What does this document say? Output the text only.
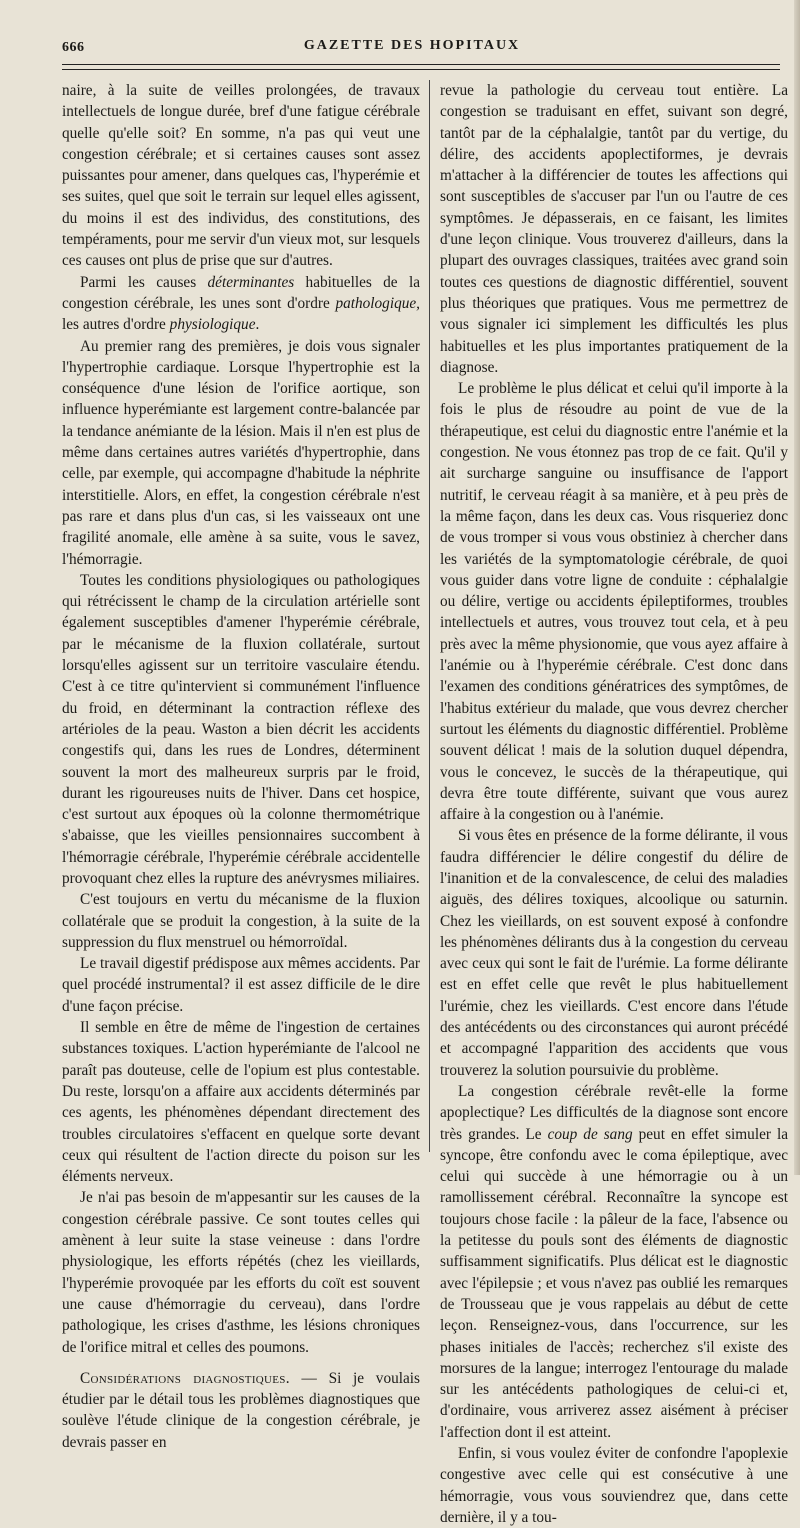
666	GAZETTE DES HOPITAUX

naire, à la suite de veilles prolongées, de travaux intellectuels de longue durée, bref d'une fatigue cérébrale quelle qu'elle soit? En somme, n'a pas qui veut une congestion cérébrale; et si certaines causes sont assez puissantes pour amener, dans quelques cas, l'hyperémie et ses suites, quel que soit le terrain sur lequel elles agissent, du moins il est des individus, des constitutions, des tempéraments, pour me servir d'un vieux mot, sur lesquels ces causes ont plus de prise que sur d'autres.

Parmi les causes déterminantes habituelles de la congestion cérébrale, les unes sont d'ordre pathologique, les autres d'ordre physiologique.

Au premier rang des premières, je dois vous signaler l'hypertrophie cardiaque. Lorsque l'hypertrophie est la conséquence d'une lésion de l'orifice aortique, son influence hyperémiante est largement contre-balancée par la tendance anémiante de la lésion. Mais il n'en est plus de même dans certaines autres variétés d'hypertrophie, dans celle, par exemple, qui accompagne d'habitude la néphrite interstitielle. Alors, en effet, la congestion cérébrale n'est pas rare et dans plus d'un cas, si les vaisseaux ont une fragilité anomale, elle amène à sa suite, vous le savez, l'hémorragie.

Toutes les conditions physiologiques ou pathologiques qui rétrécissent le champ de la circulation artérielle sont également susceptibles d'amener l'hyperémie cérébrale, par le mécanisme de la fluxion collatérale, surtout lorsqu'elles agissent sur un territoire vasculaire étendu. C'est à ce titre qu'intervient si communément l'influence du froid, en déterminant la contraction réflexe des artérioles de la peau. Waston a bien décrit les accidents congestifs qui, dans les rues de Londres, déterminent souvent la mort des malheureux surpris par le froid, durant les rigoureuses nuits de l'hiver. Dans cet hospice, c'est surtout aux époques où la colonne thermométrique s'abaisse, que les vieilles pensionnaires succombent à l'hémorragie cérébrale, l'hyperémie cérébrale accidentelle provoquant chez elles la rupture des anévrysmes miliaires.

C'est toujours en vertu du mécanisme de la fluxion collatérale que se produit la congestion, à la suite de la suppression du flux menstruel ou hémorroïdal.

Le travail digestif prédispose aux mêmes accidents. Par quel procédé instrumental? il est assez difficile de le dire d'une façon précise.

Il semble en être de même de l'ingestion de certaines substances toxiques. L'action hyperémiante de l'alcool ne paraît pas douteuse, celle de l'opium est plus contestable. Du reste, lorsqu'on a affaire aux accidents déterminés par ces agents, les phénomènes dépendant directement des troubles circulatoires s'effacent en quelque sorte devant ceux qui résultent de l'action directe du poison sur les éléments nerveux.

Je n'ai pas besoin de m'appesantir sur les causes de la congestion cérébrale passive. Ce sont toutes celles qui amènent à leur suite la stase veineuse : dans l'ordre physiologique, les efforts répétés (chez les vieillards, l'hyperémie provoquée par les efforts du coït est souvent une cause d'hémorragie du cerveau), dans l'ordre pathologique, les crises d'asthme, les lésions chroniques de l'orifice mitral et celles des poumons.

Considérations diagnostiques. — Si je voulais étudier par le détail tous les problèmes diagnostiques que soulève l'étude clinique de la congestion cérébrale, je devrais passer en

revue la pathologie du cerveau tout entière. La congestion se traduisant en effet, suivant son degré, tantôt par de la céphalalgie, tantôt par du vertige, du délire, des accidents apoplectiformes, je devrais m'attacher à la différencier de toutes les affections qui sont susceptibles de s'accuser par l'un ou l'autre de ces symptômes. Je dépasserais, en ce faisant, les limites d'une leçon clinique. Vous trouverez d'ailleurs, dans la plupart des ouvrages classiques, traitées avec grand soin toutes ces questions de diagnostic différentiel, souvent plus théoriques que pratiques. Vous me permettrez de vous signaler ici simplement les difficultés les plus habituelles et les plus importantes pratiquement de la diagnose.

Le problème le plus délicat et celui qu'il importe à la fois le plus de résoudre au point de vue de la thérapeutique, est celui du diagnostic entre l'anémie et la congestion. Ne vous étonnez pas trop de ce fait. Qu'il y ait surcharge sanguine ou insuffisance de l'apport nutritif, le cerveau réagit à sa manière, et à peu près de la même façon, dans les deux cas. Vous risqueriez donc de vous tromper si vous vous obstiniez à chercher dans les variétés de la symptomatologie cérébrale, de quoi vous guider dans votre ligne de conduite : céphalalgie ou délire, vertige ou accidents épileptiformes, troubles intellectuels et autres, vous trouvez tout cela, et à peu près avec la même physionomie, que vous ayez affaire à l'anémie ou à l'hyperémie cérébrale. C'est donc dans l'examen des conditions génératrices des symptômes, de l'habitus extérieur du malade, que vous devrez chercher surtout les éléments du diagnostic différentiel. Problème souvent délicat ! mais de la solution duquel dépendra, vous le concevez, le succès de la thérapeutique, qui devra être toute différente, suivant que vous aurez affaire à la congestion ou à l'anémie.

Si vous êtes en présence de la forme délirante, il vous faudra différencier le délire congestif du délire de l'inanition et de la convalescence, de celui des maladies aiguës, des délires toxiques, alcoolique ou saturnin. Chez les vieillards, on est souvent exposé à confondre les phénomènes délirants dus à la congestion du cerveau avec ceux qui sont le fait de l'urémie. La forme délirante est en effet celle que revêt le plus habituellement l'urémie, chez les vieillards. C'est encore dans l'étude des antécédents ou des circonstances qui auront précédé et accompagné l'apparition des accidents que vous trouverez la solution poursuivie du problème.

La congestion cérébrale revêt-elle la forme apoplectique? Les difficultés de la diagnose sont encore très grandes. Le coup de sang peut en effet simuler la syncope, être confondu avec le coma épileptique, avec celui qui succède à une hémorragie ou à un ramollissement cérébral. Reconnaître la syncope est toujours chose facile : la pâleur de la face, l'absence ou la petitesse du pouls sont des éléments de diagnostic suffisamment significatifs. Plus délicat est le diagnostic avec l'épilepsie ; et vous n'avez pas oublié les remarques de Trousseau que je vous rappelais au début de cette leçon. Renseignez-vous, dans l'occurrence, sur les phases initiales de l'accès; recherchez s'il existe des morsures de la langue; interrogez l'entourage du malade sur les antécédents pathologiques de celui-ci et, d'ordinaire, vous arriverez assez aisément à préciser l'affection dont il est atteint.

Enfin, si vous voulez éviter de confondre l'apoplexie congestive avec celle qui est consécutive à une hémorragie, vous vous souviendrez que, dans cette dernière, il y a tou-
